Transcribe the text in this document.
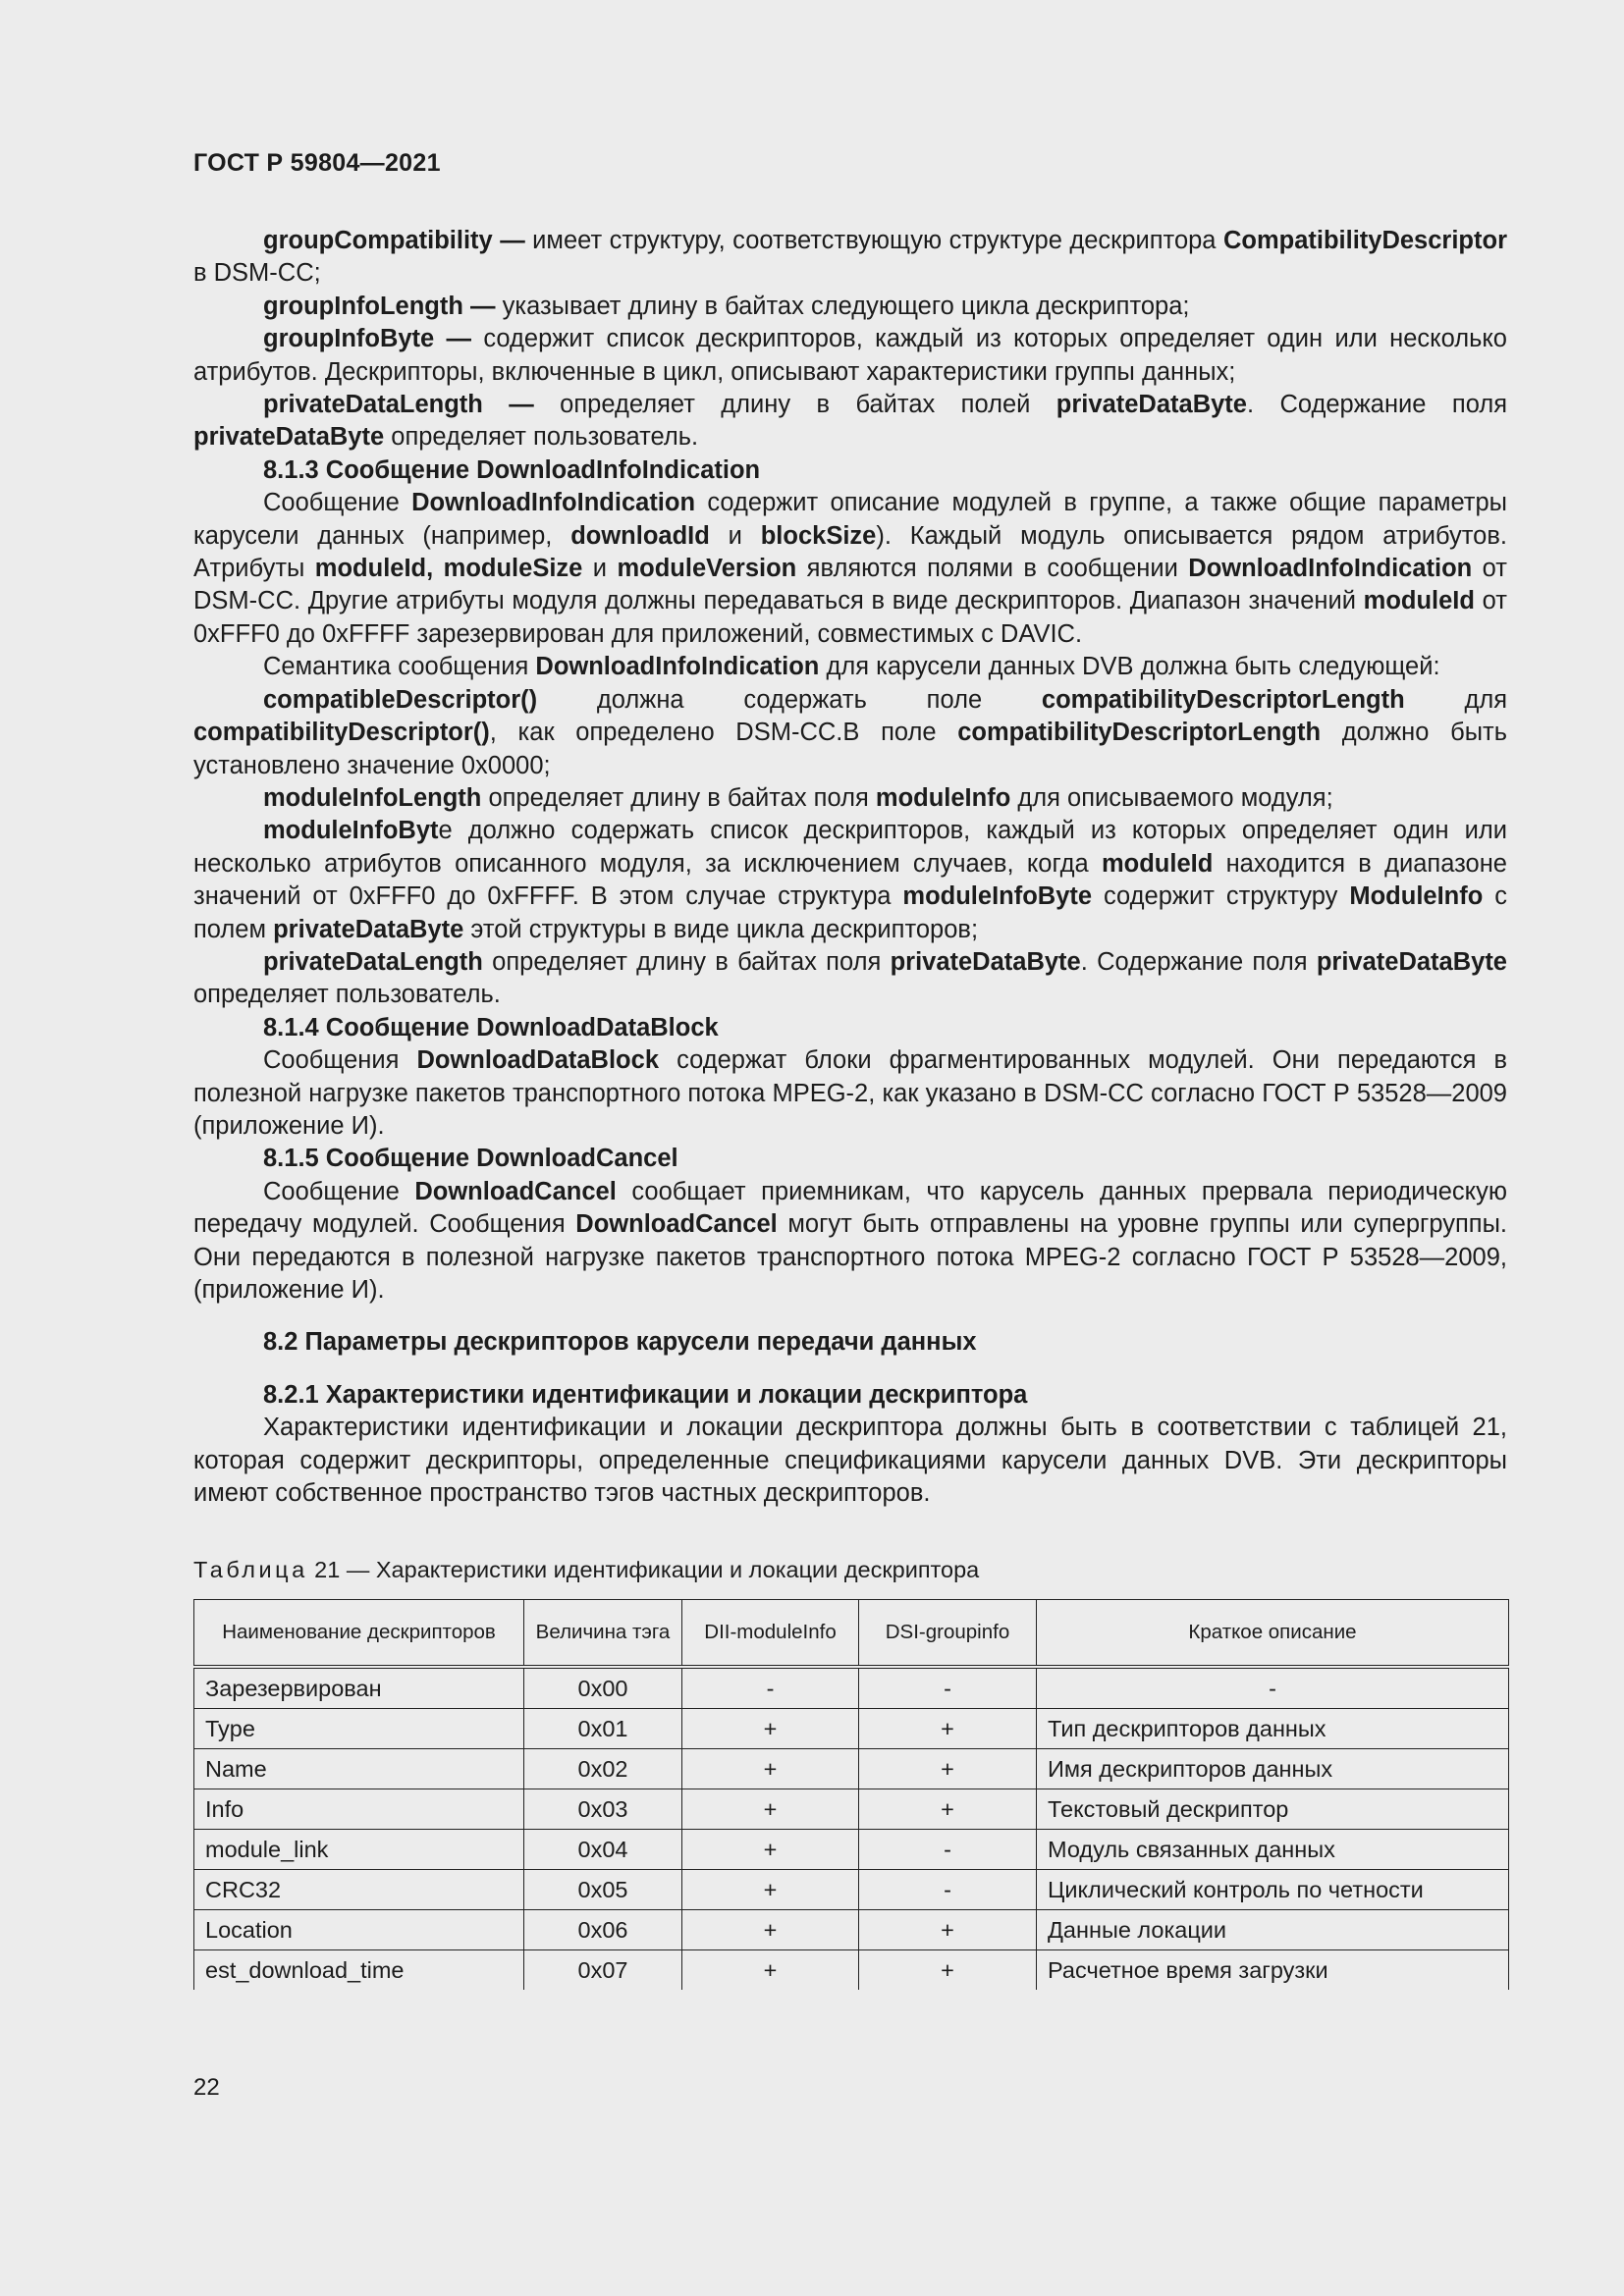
ГОСТ Р 59804—2021

groupCompatibility — имеет структуру, соответствующую структуре дескриптора CompatibilityDescriptor в DSM-CC;

groupInfoLength — указывает длину в байтах следующего цикла дескриптора;

groupInfoByte — содержит список дескрипторов, каждый из которых определяет один или несколько атрибутов. Дескрипторы, включенные в цикл, описывают характеристики группы данных;

privateDataLength — определяет длину в байтах полей privateDataByte. Содержание поля privateDataByte определяет пользователь.

8.1.3 Сообщение DownloadInfoIndication

Сообщение DownloadInfoIndication содержит описание модулей в группе, а также общие параметры карусели данных (например, downloadId и blockSize). Каждый модуль описывается рядом атрибутов. Атрибуты moduleId, moduleSize и moduleVersion являются полями в сообщении DownloadInfoIndication от DSM-CC. Другие атрибуты модуля должны передаваться в виде дескрипторов. Диапазон значений moduleId от 0xFFF0 до 0xFFFF зарезервирован для приложений, совместимых с DAVIC.

Семантика сообщения DownloadInfoIndication для карусели данных DVB должна быть следующей:

compatibleDescriptor() должна содержать поле compatibilityDescriptorLength для compatibilityDescriptor(), как определено DSM-CC.В поле compatibilityDescriptorLength должно быть установлено значение 0x0000;

moduleInfoLength определяет длину в байтах поля moduleInfo для описываемого модуля;

moduleInfoByte должно содержать список дескрипторов, каждый из которых определяет один или несколько атрибутов описанного модуля, за исключением случаев, когда moduleId находится в диапазоне значений от 0xFFF0 до 0xFFFF. В этом случае структура moduleInfoByte содержит структуру ModuleInfo с полем privateDataByte этой структуры в виде цикла дескрипторов;

privateDataLength определяет длину в байтах поля privateDataByte. Содержание поля privateDataByte определяет пользователь.

8.1.4 Сообщение DownloadDataBlock

Сообщения DownloadDataBlock содержат блоки фрагментированных модулей. Они передаются в полезной нагрузке пакетов транспортного потока MPEG-2, как указано в DSM-CC согласно ГОСТ Р 53528—2009 (приложение И).

8.1.5 Сообщение DownloadCancel

Сообщение DownloadCancel сообщает приемникам, что карусель данных прервала периодическую передачу модулей. Сообщения DownloadCancel могут быть отправлены на уровне группы или супергруппы. Они передаются в полезной нагрузке пакетов транспортного потока MPEG-2 согласно ГОСТ Р 53528—2009, (приложение И).

8.2 Параметры дескрипторов карусели передачи данных

8.2.1 Характеристики идентификации и локации дескриптора

Характеристики идентификации и локации дескриптора должны быть в соответствии с таблицей 21, которая содержит дескрипторы, определенные спецификациями карусели данных DVB. Эти дескрипторы имеют собственное пространство тэгов частных дескрипторов.

Таблица 21 — Характеристики идентификации и локации дескриптора
Наименование дескрипторов	Величина тэга	DII-moduleInfo	DSI-groupinfo	Краткое описание
Зарезервирован	0x00	-	-	-
Type	0x01	+	+	Тип дескрипторов данных
Name	0x02	+	+	Имя дескрипторов данных
Info	0x03	+	+	Текстовый дескриптор
module_link	0x04	+	-	Модуль связанных данных
CRC32	0x05	+	-	Циклический контроль по четности
Location	0x06	+	+	Данные локации
est_download_time	0x07	+	+	Расчетное время загрузки
22
